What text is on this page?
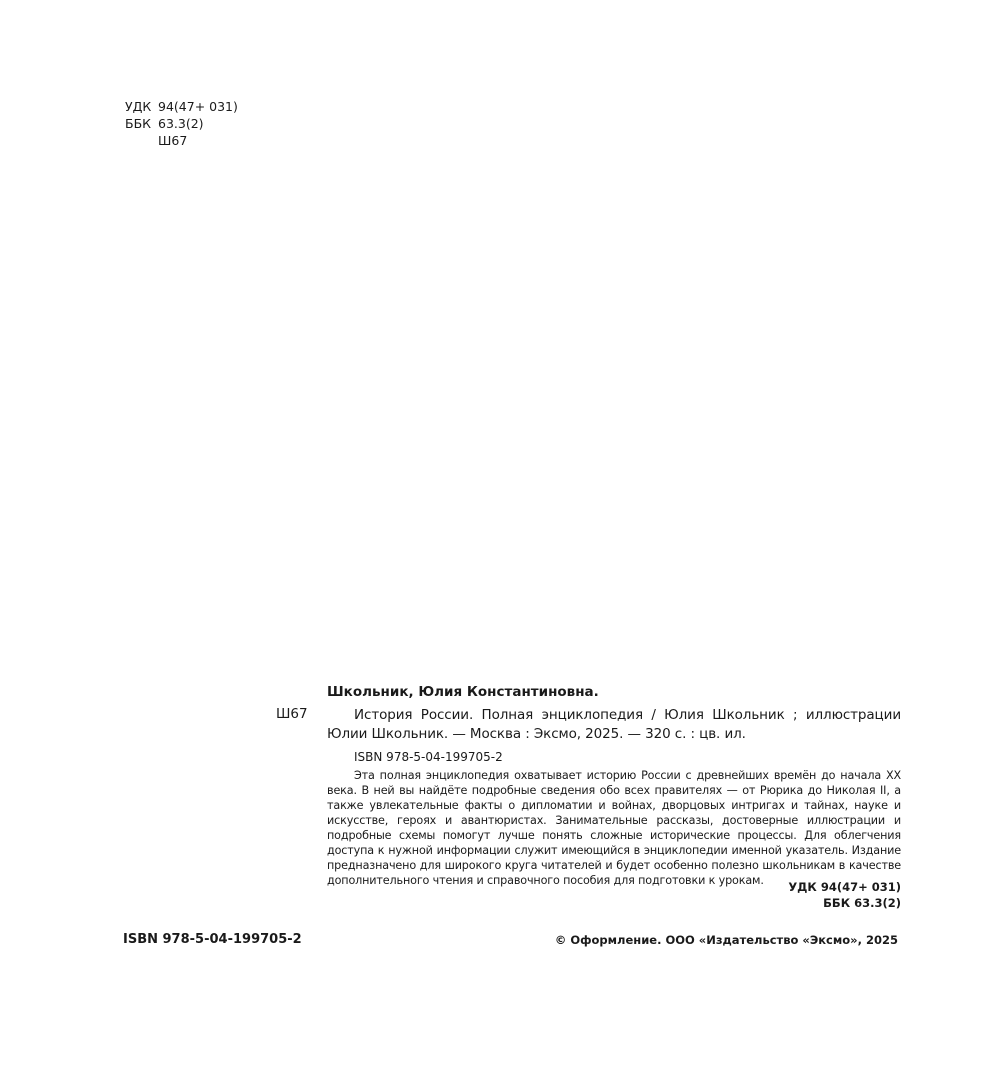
УДК 94(47+ 031)
ББК 63.3(2)
Ш67
Школьник, Юлия Константиновна.
Ш67	История России. Полная энциклопедия / Юлия Школьник ; иллюстрации Юлии Школьник. — Москва : Эксмо, 2025. — 320 с. : цв. ил.
ISBN 978-5-04-199705-2

Эта полная энциклопедия охватывает историю России с древнейших времён до начала XX века. В ней вы найдёте подробные сведения обо всех правителях — от Рюрика до Николая II, а также увлекательные факты о дипломатии и войнах, дворцовых интригах и тайнах, науке и искусстве, героях и авантюристах. Занимательные рассказы, достоверные иллюстрации и подробные схемы помогут лучше понять сложные исторические процессы. Для облегчения доступа к нужной информации служит имеющийся в энциклопедии именной указатель. Издание предназначено для широкого круга читателей и будет особенно полезно школьникам в качестве дополнительного чтения и справочного пособия для подготовки к урокам.	УДК 94(47+ 031)
ББК 63.3(2)
ISBN 978-5-04-199705-2	© Оформление. ООО «Издательство «Эксмо», 2025
